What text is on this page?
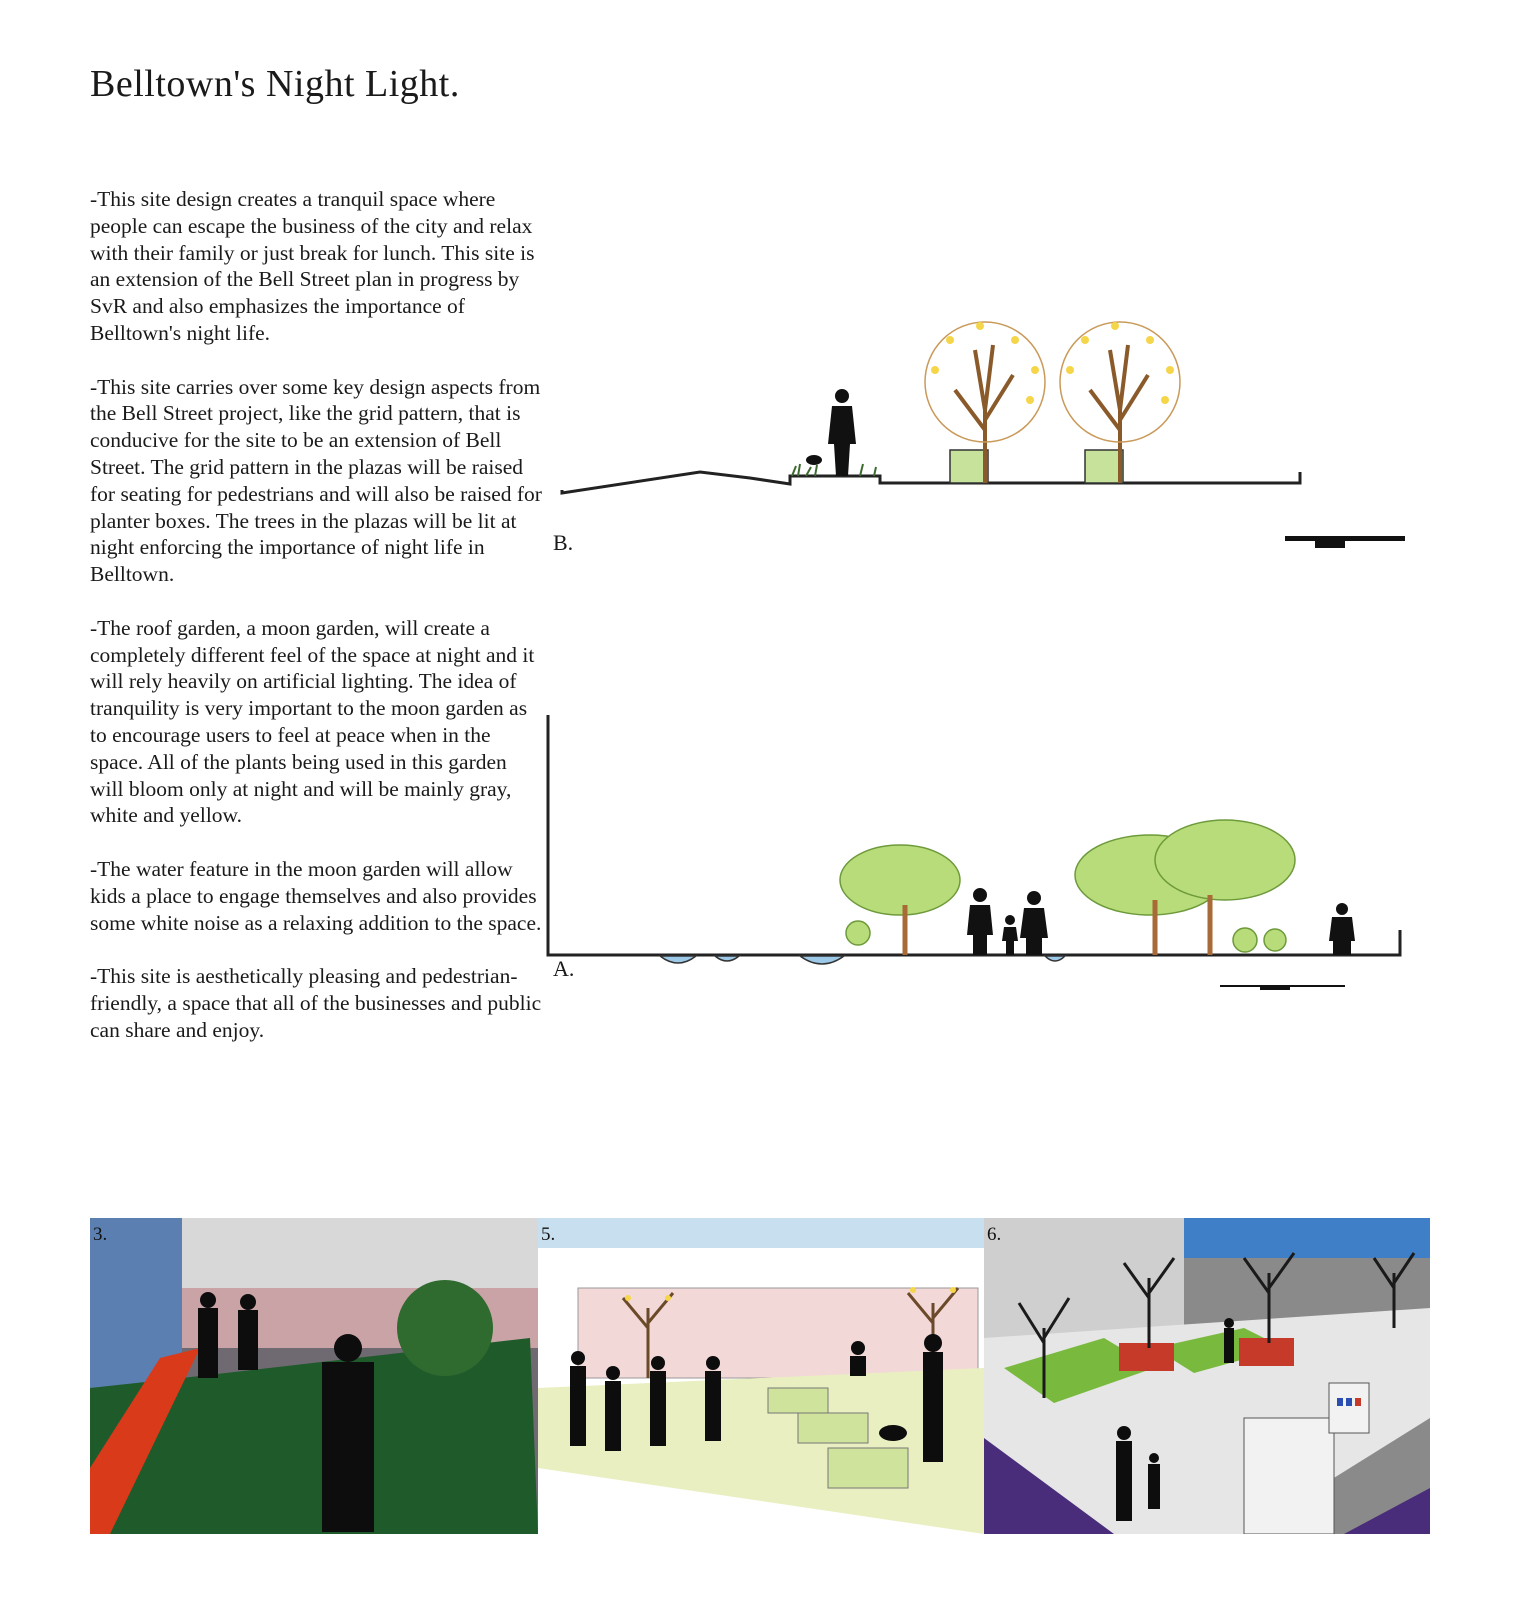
Belltown's Night Light.

-This site design creates a tranquil space where people can escape the business of the city and relax with their family or just break for lunch. This site is an extension of the Bell Street plan in progress by SvR and also emphasizes the importance of Belltown's night life.

-This site carries over some key design aspects from the Bell Street project, like the grid pattern, that is conducive for the site to be an extension of Bell Street. The grid pattern in the plazas will be raised for seating for pedestrians and will also be raised for planter boxes. The trees in the plazas will be lit at night enforcing the importance of night life in Belltown.

-The roof garden, a moon garden, will create a completely different feel of the space at night and it will rely heavily on artificial lighting. The idea of tranquility is very important to the moon garden as to encourage users to feel at peace when in the space. All of the plants being used in this garden will bloom only at night and will be mainly gray, white and yellow.

-The water feature in the moon garden will allow kids a place to engage themselves and also provides some white noise as a relaxing addition to the space.

-This site is aesthetically pleasing and pedestrian-friendly, a space that all of the businesses and public can share and enjoy.

B.
A.
3.	5.	6.
